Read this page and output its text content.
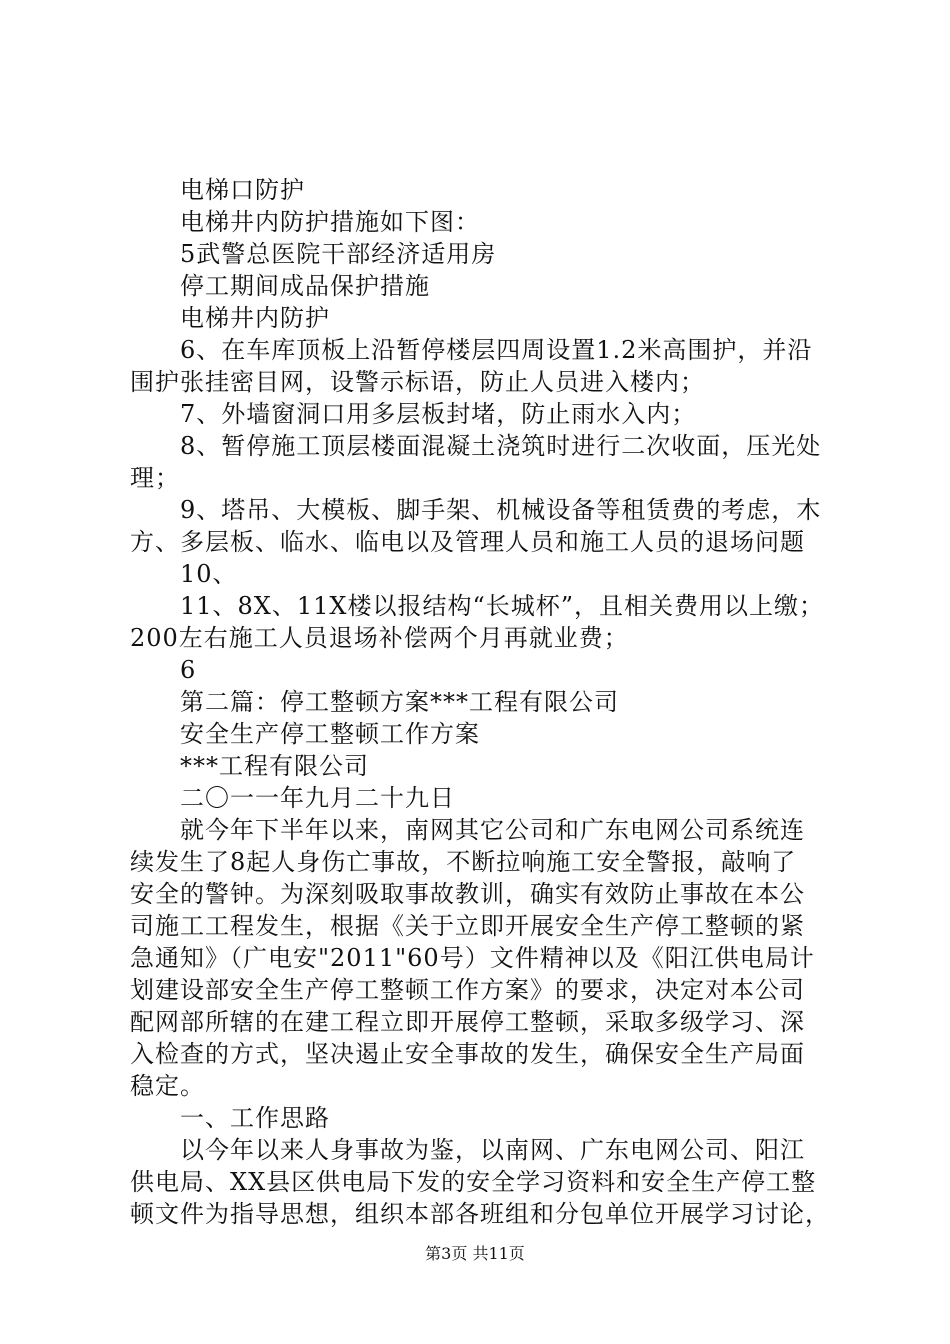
电梯口防护
电梯井内防护措施如下图：
5武警总医院干部经济适用房
停工期间成品保护措施
电梯井内防护
6、在车库顶板上沿暂停楼层四周设置1.2米高围护，并沿
围护张挂密目网，设警示标语，防止人员进入楼内；
7、外墙窗洞口用多层板封堵，防止雨水入内；
8、暂停施工顶层楼面混凝土浇筑时进行二次收面，压光处
理；
9、塔吊、大模板、脚手架、机械设备等租赁费的考虑，木
方、多层板、临水、临电以及管理人员和施工人员的退场问题
10、
11、8X、11X楼以报结构“长城杯”，且相关费用以上缴；
200左右施工人员退场补偿两个月再就业费；
6
第二篇：停工整顿方案***工程有限公司
安全生产停工整顿工作方案
***工程有限公司
二〇一一年九月二十九日
就今年下半年以来，南网其它公司和广东电网公司系统连
续发生了8起人身伤亡事故，不断拉响施工安全警报，敲响了
安全的警钟。为深刻吸取事故教训，确实有效防止事故在本公
司施工工程发生，根据《关于立即开展安全生产停工整顿的紧
急通知》（广电安"2011"60号）文件精神以及《阳江供电局计
划建设部安全生产停工整顿工作方案》的要求，决定对本公司
配网部所辖的在建工程立即开展停工整顿，采取多级学习、深
入检查的方式，坚决遏止安全事故的发生，确保安全生产局面
稳定。
一、工作思路
以今年以来人身事故为鉴，以南网、广东电网公司、阳江
供电局、XX县区供电局下发的安全学习资料和安全生产停工整
顿文件为指导思想，组织本部各班组和分包单位开展学习讨论，
第3页 共11页
